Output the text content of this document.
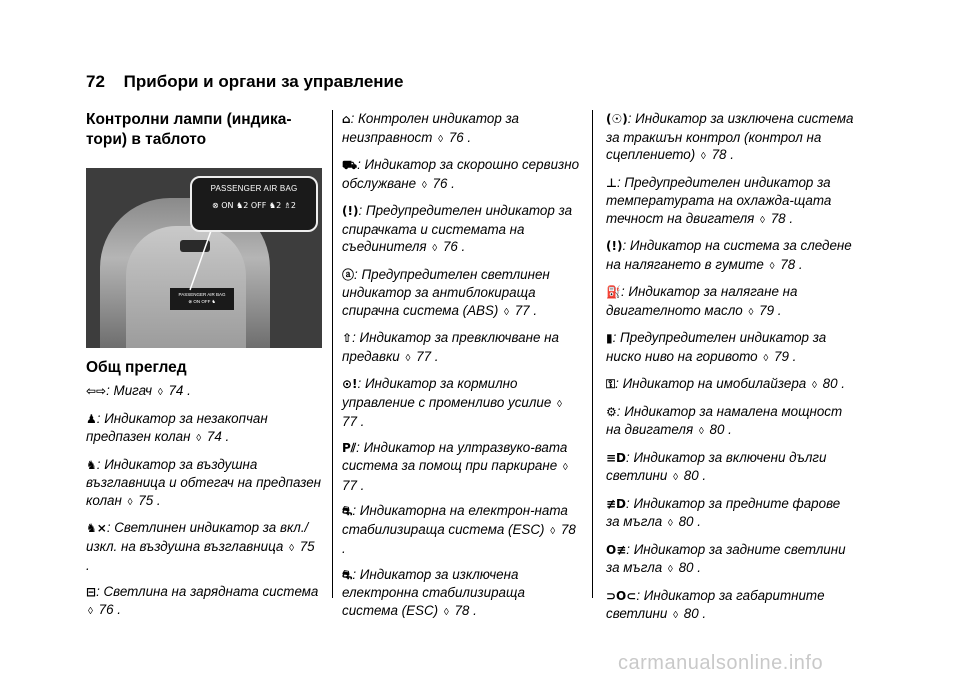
72 Прибори и органи за управление
Контролни лампи (индика-
тори) в таблото
PASSENGER AIR BAG
⊗ ON OFF ♞
PASSENGER AIR BAG
⊗ ON ♞2 OFF ♞2 ♗2
Общ преглед
⇦⇨: Мигач ◊ 74 .
♟: Индикатор за незакопчан предпазен колан ◊ 74 .
♞: Индикатор за въздушна възглавница и обтегач на предпазен колан ◊ 75 .
♞⨯: Светлинен индикатор за вкл./изкл. на въздушна възглавница ◊ 75 .
⊟: Светлина на зарядната система ◊ 76 .
⌂: Контролен индикатор за неизправност ◊ 76 .
⛟: Индикатор за скорошно сервизно обслужване ◊ 76 .
(!): Предупредителен индикатор за спирачката и системата на съединителя ◊ 76 .
ⓐ: Предупредителен светлинен индикатор за антиблокираща спирачна система (ABS) ◊ 77 .
⇧: Индикатор за превключване на предавки ◊ 77 .
⊙!: Индикатор за кормилно управление с променливо усилие ◊ 77 .
P⫽: Индикатор на ултразвуко-вата система за помощ при паркиране ◊ 77 .
⛐: Индикаторна на електрон-ната стабилизираща система (ESC) ◊ 78 .
⛐: Индикатор за изключена електронна стабилизираща система (ESC) ◊ 78 .
(☉): Индикатор за изключена система за тракшън контрол (контрол на сцеплението) ◊ 78 .
⊥: Предупредителен индикатор за температурата на охлажда-щата течност на двигателя ◊ 78 .
(!): Индикатор на система за следене на налягането в гумите ◊ 78 .
⛽: Индикатор за налягане на двигателното масло ◊ 79 .
▮: Предупредителен индикатор за ниско ниво на горивото ◊ 79 .
⚿: Индикатор на имобилайзера ◊ 80 .
⚙: Индикатор за намалена мощност на двигателя ◊ 80 .
≡D: Индикатор за включени дълги светлини ◊ 80 .
≢D: Индикатор за предните фарове за мъгла ◊ 80 .
O≢: Индикатор за задните светлини за мъгла ◊ 80 .
⊃O⊂: Индикатор за габаритните светлини ◊ 80 .
carmanualsonline.info
